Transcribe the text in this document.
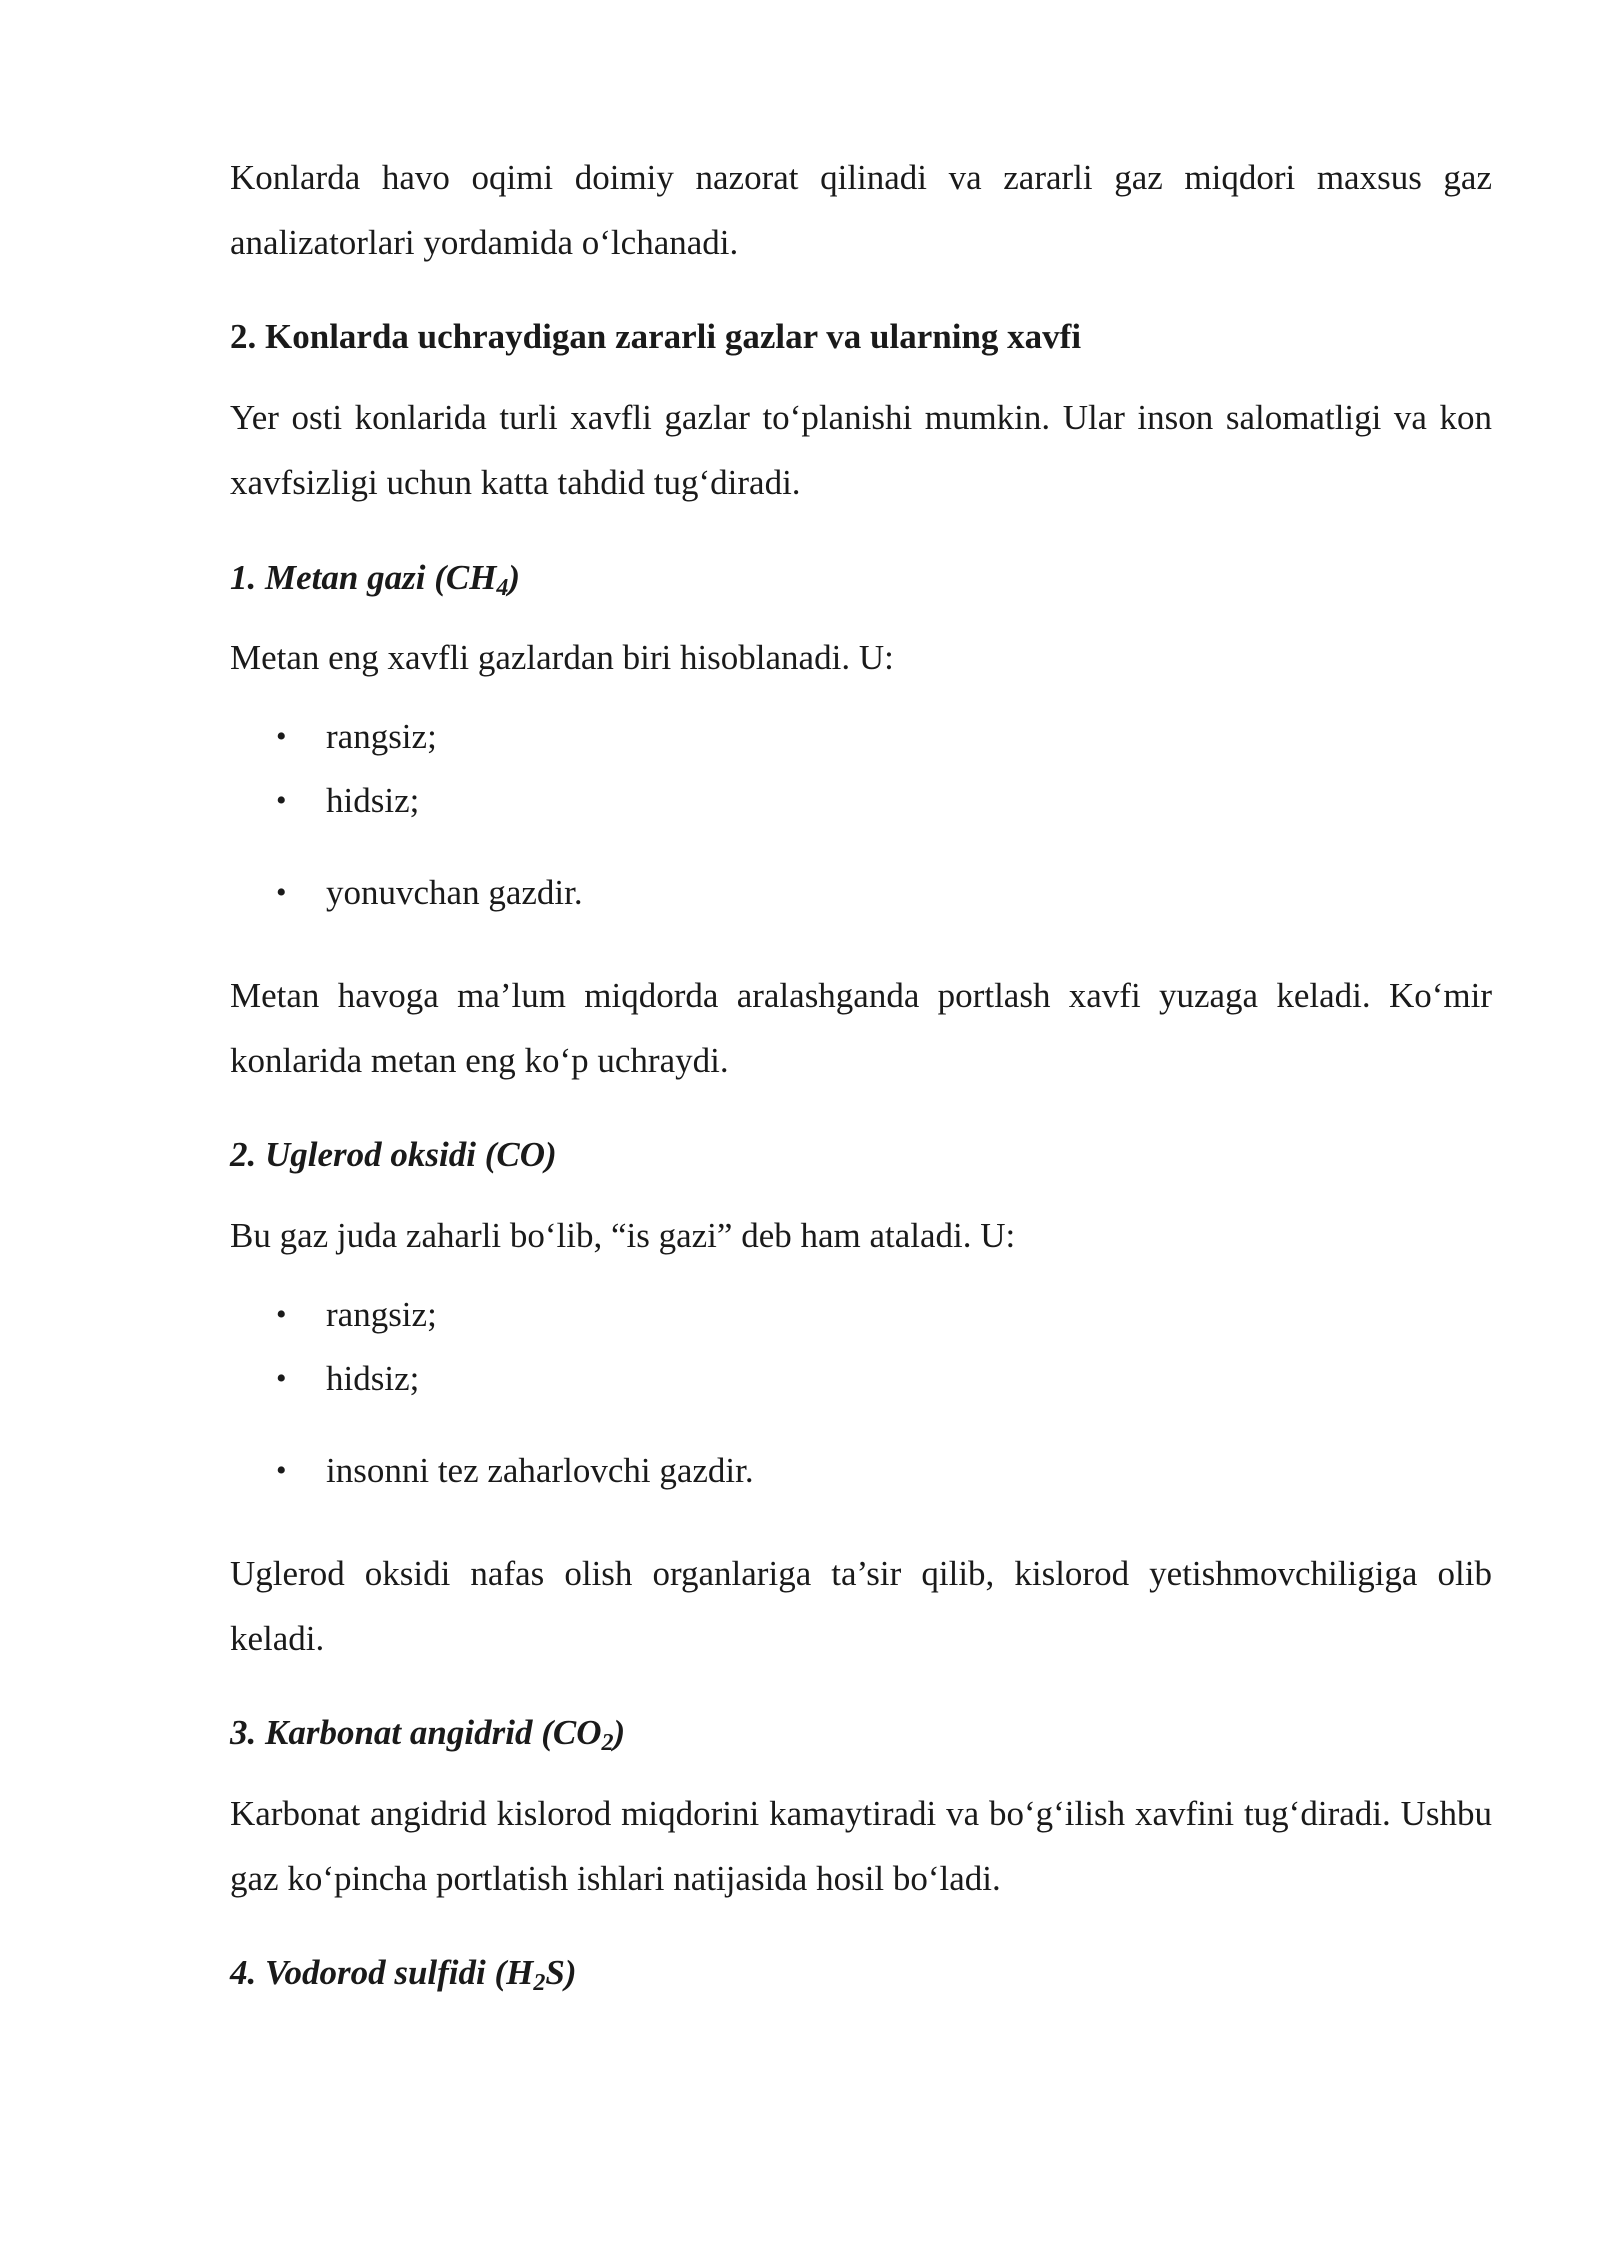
Konlarda havo oqimi doimiy nazorat qilinadi va zararli gaz miqdori maxsus gaz analizatorlari yordamida o‘lchanadi.
2. Konlarda uchraydigan zararli gazlar va ularning xavfi
Yer osti konlarida turli xavfli gazlar to‘planishi mumkin. Ular inson salomatligi va kon xavfsizligi uchun katta tahdid tug‘diradi.
1. Metan gazi $(CH_4)$
Metan eng xavfli gazlardan biri hisoblanadi. U:
• rangsiz;
• hidsiz;
• yonuvchan gazdir.
Metan havoga ma’lum miqdorda aralashganda portlash xavfi yuzaga keladi. Ko‘mir konlarida metan eng ko‘p uchraydi.
2. Uglerod oksidi (CO)
Bu gaz juda zaharli bo‘lib, “is gazi” deb ham ataladi. U:
• rangsiz;
• hidsiz;
• insonni tez zaharlovchi gazdir.
Uglerod oksidi nafas olish organlariga ta’sir qilib, kislorod yetishmovchiligiga olib keladi.
3. Karbonat angidrid $(CO_2)$
Karbonat angidrid kislorod miqdorini kamaytiradi va bo‘g‘ilish xavfini tug‘diradi. Ushbu gaz ko‘pincha portlatish ishlari natijasida hosil bo‘ladi.
4. Vodorod sulfidi $(H_2S)$
